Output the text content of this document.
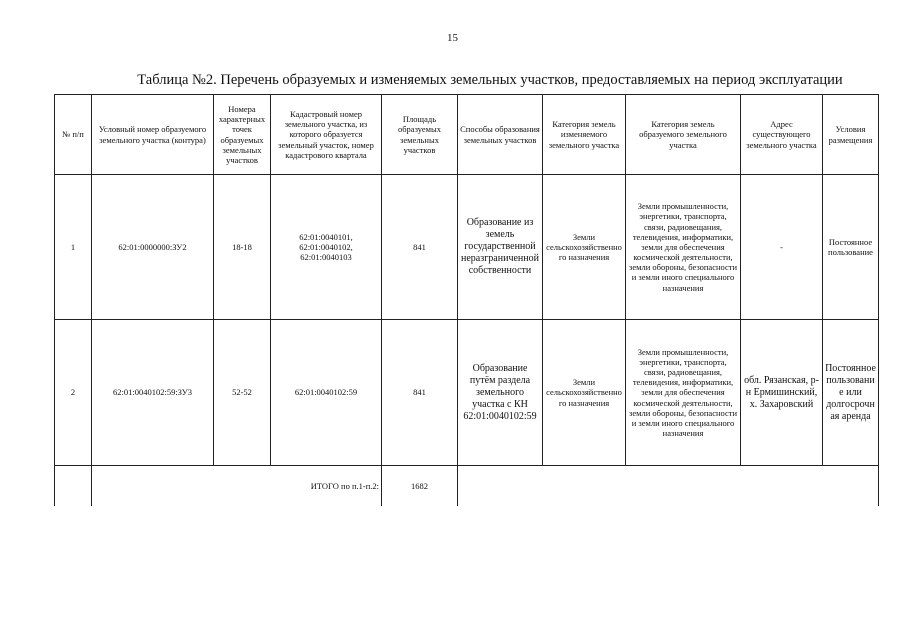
15
Таблица №2. Перечень образуемых и изменяемых земельных участков, предоставляемых на период эксплуатации
№ п/п	Условный номер образуемого земельного участка (контура)	Номера характерных точек образуемых земельных участков	Кадастровый номер земельного участка, из которого образуется земельный участок, номер кадастрового квартала	Площадь образуемых земельных участков	Способы образования земельных участков	Категория земель изменяемого земельного участка	Категория земель образуемого земельного участка	Адрес существующего земельного участка	Условия размещения
1	62:01:0000000:ЗУ2	18-18	62:01:0040101, 62:01:0040102, 62:01:0040103	841	Образование из земель государственной неразграниченной собственности	Земли сельскохозяйственного назначения	Земли промышленности, энергетики, транспорта, связи, радиовещания, телевидения, информатики, земли для обеспечения космической деятельности, земли обороны, безопасности и земли иного специального назначения	-	Постоянное пользование
2	62:01:0040102:59:ЗУ3	52-52	62:01:0040102:59	841	Образование путём раздела земельного участка с КН 62:01:0040102:59	Земли сельскохозяйственного назначения	Земли промышленности, энергетики, транспорта, связи, радиовещания, телевидения, информатики, земли для обеспечения космической деятельности, земли обороны, безопасности и земли иного специального назначения	обл. Рязанская, р-н Ермишинский, х. Захаровский	Постоянное пользование или долгосрочная аренда
	ИТОГО по п.1-п.2:			1682					
